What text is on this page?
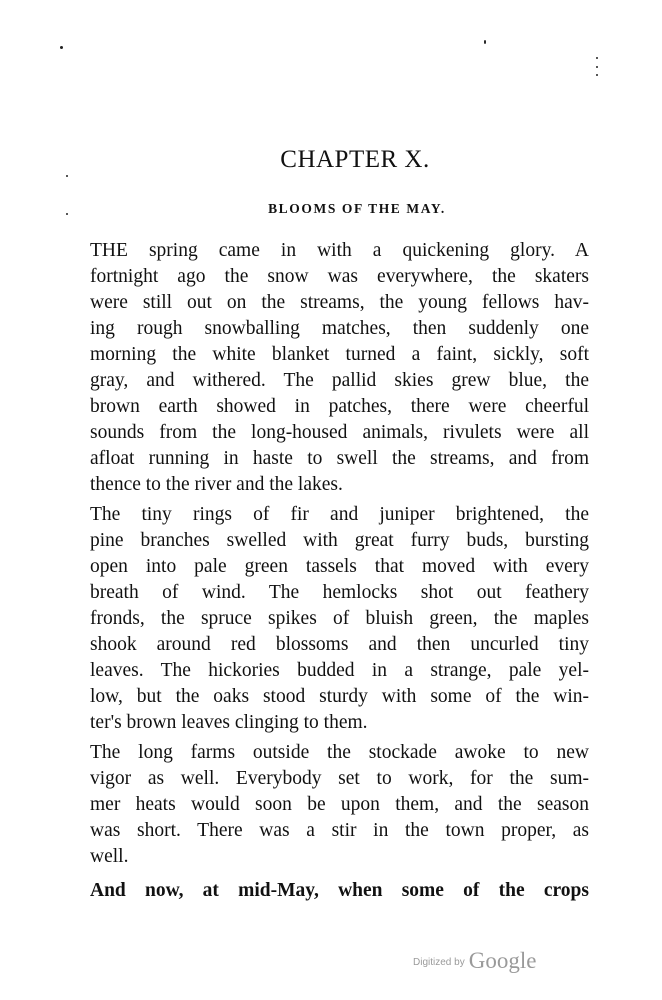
CHAPTER X.
BLOOMS OF THE MAY.
THE spring came in with a quickening glory. A
fortnight ago the snow was everywhere, the skaters
were still out on the streams, the young fellows hav-
ing rough snowballing matches, then suddenly one
morning the white blanket turned a faint, sickly, soft
gray, and withered. The pallid skies grew blue, the
brown earth showed in patches, there were cheerful
sounds from the long-housed animals, rivulets were all
afloat running in haste to swell the streams, and from
thence to the river and the lakes.
The tiny rings of fir and juniper brightened, the
pine branches swelled with great furry buds, bursting
open into pale green tassels that moved with every
breath of wind. The hemlocks shot out feathery
fronds, the spruce spikes of bluish green, the maples
shook around red blossoms and then uncurled tiny
leaves. The hickories budded in a strange, pale yel-
low, but the oaks stood sturdy with some of the win-
ter's brown leaves clinging to them.
The long farms outside the stockade awoke to new
vigor as well. Everybody set to work, for the sum-
mer heats would soon be upon them, and the season
was short. There was a stir in the town proper, as
well.
And now, at mid-May, when some of the crops
Digitized by Google
